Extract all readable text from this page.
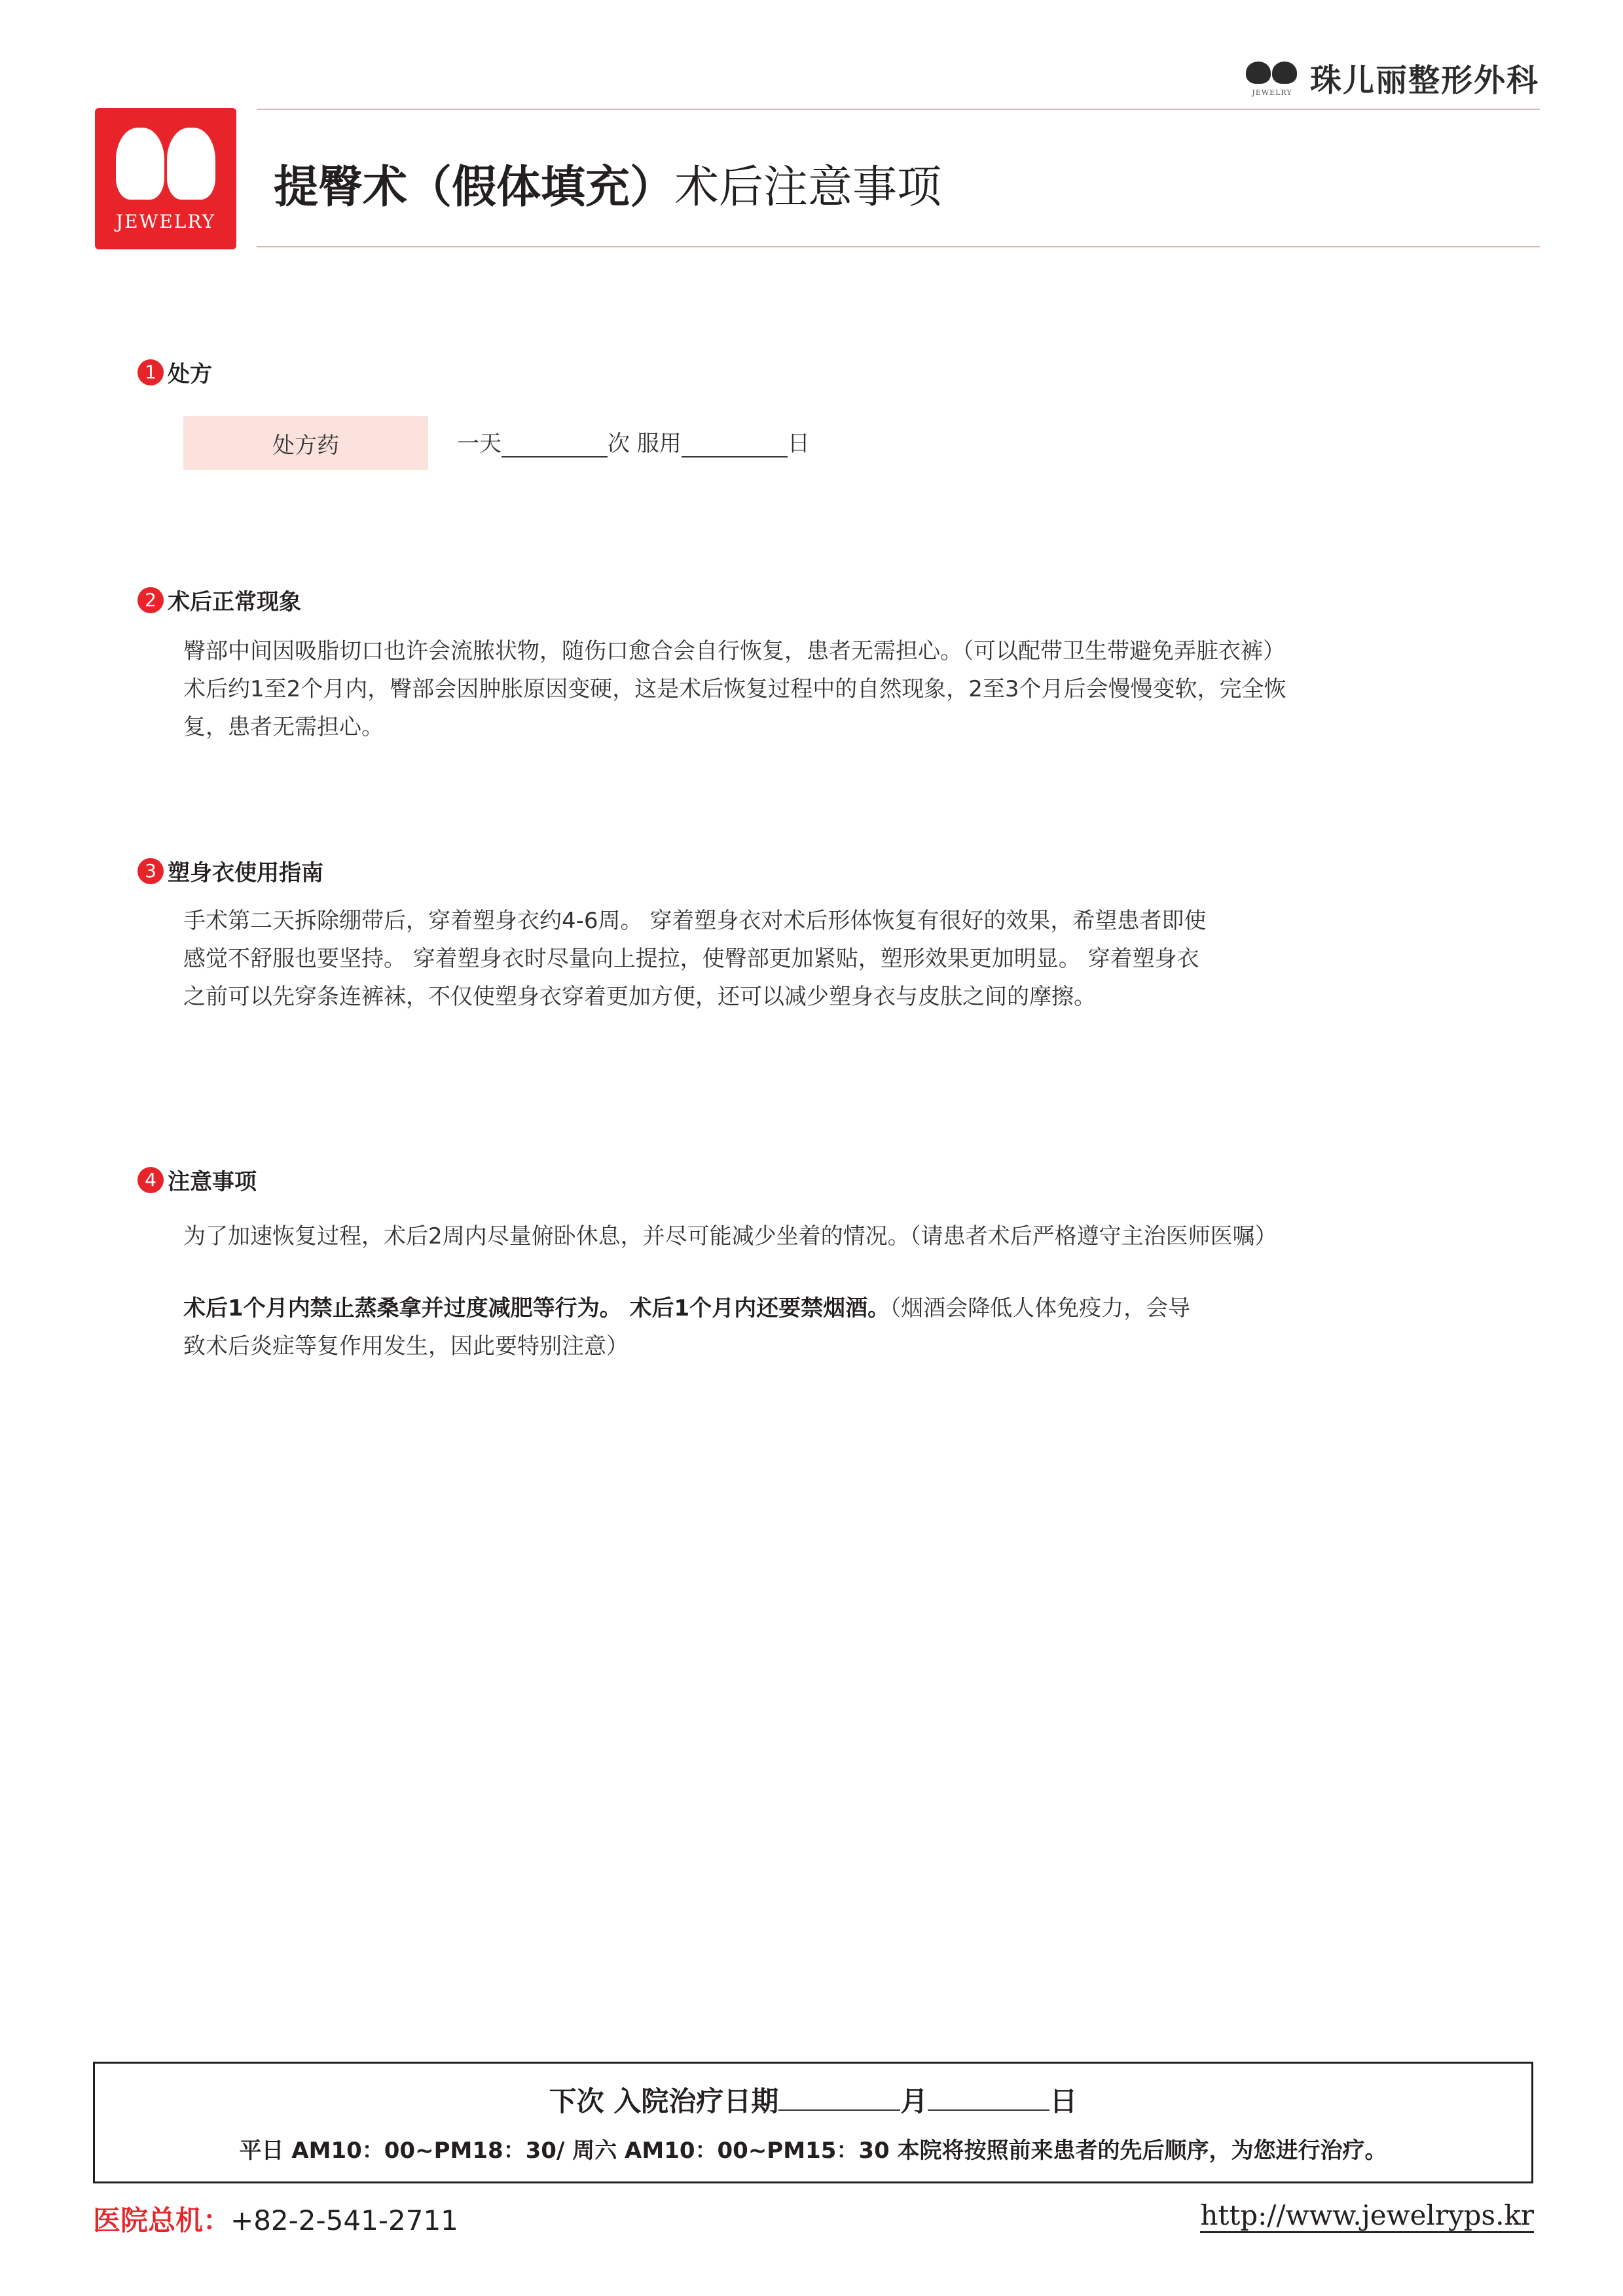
JEWELRY 珠儿丽整形外科
JEWELRY
提臀术（假体填充）术后注意事项
1 处方
处方药	一天	次 服用	日
2 术后正常现象
臀部中间因吸脂切口也许会流脓状物，随伤口愈合会自行恢复，患者无需担心。（可以配带卫生带避免弄脏衣裤）
术后约1至2个月内，臀部会因肿胀原因变硬，这是术后恢复过程中的自然现象，2至3个月后会慢慢变软，完全恢
复，患者无需担心。
3 塑身衣使用指南
手术第二天拆除绷带后，穿着塑身衣约4-6周。 穿着塑身衣对术后形体恢复有很好的效果，希望患者即使
感觉不舒服也要坚持。 穿着塑身衣时尽量向上提拉，使臀部更加紧贴，塑形效果更加明显。 穿着塑身衣
之前可以先穿条连裤袜，不仅使塑身衣穿着更加方便，还可以减少塑身衣与皮肤之间的摩擦。
4 注意事项
为了加速恢复过程，术后2周内尽量俯卧休息，并尽可能减少坐着的情况。（请患者术后严格遵守主治医师医嘱）
术后1个月内禁止蒸桑拿并过度减肥等行为。 术后1个月内还要禁烟酒。（烟酒会降低人体免疫力，会导
致术后炎症等复作用发生，因此要特别注意）
下次 入院治疗日期	月	日
平日 AM10：00~PM18：30/ 周六 AM10：00~PM15：30 本院将按照前来患者的先后顺序，为您进行治疗。
医院总机：+82-2-541-2711	http://www.jewelryps.kr
